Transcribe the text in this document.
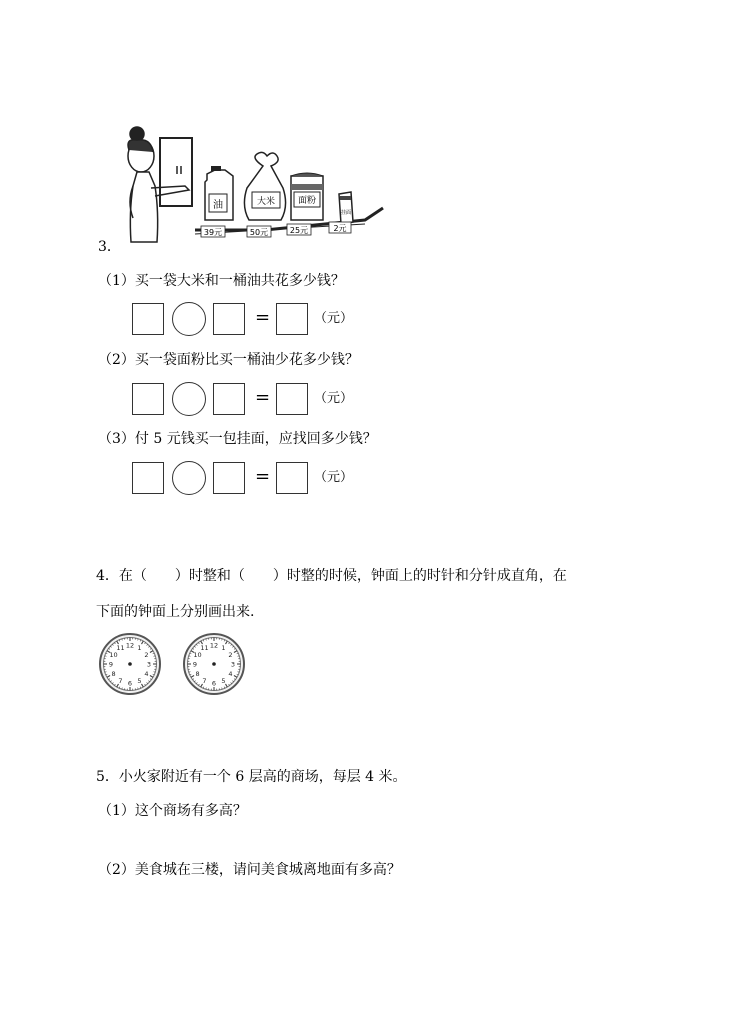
油	大米	面粉
挂面
39元	50元	25元	2元
3．
（1）买一袋大米和一桶油共花多少钱？
=	（元）
（2）买一袋面粉比买一桶油少花多少钱？
=	（元）
（3）付 5 元钱买一包挂面，应找回多少钱？
=	（元）
4．在（　　）时整和（　　）时整的时候，钟面上的时针和分针成直角，在
下面的钟面上分别画出来.
1
2
3
4
5
6
7
8
9
10
11 12	1
2
3
4
5
6
7
8
9
10
11 12
5．小火家附近有一个 6 层高的商场，每层 4 米。
（1）这个商场有多高？
（2）美食城在三楼，请问美食城离地面有多高？
